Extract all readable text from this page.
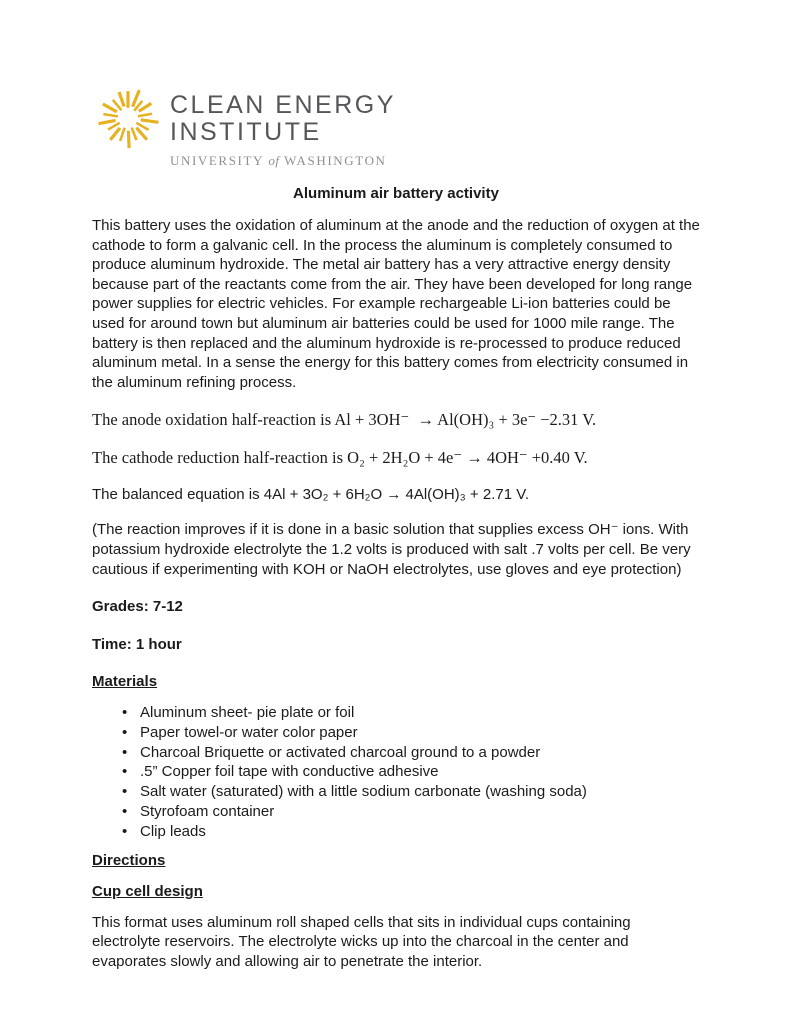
CLEAN ENERGY
INSTITUTE
UNIVERSITY of WASHINGTON
Aluminum air battery activity

This battery uses the oxidation of aluminum at the anode and the reduction of oxygen at the cathode to form a galvanic cell. In the process the aluminum is completely consumed to produce aluminum hydroxide. The metal air battery has a very attractive energy density because part of the reactants come from the air. They have been developed for long range power supplies for electric vehicles. For example rechargeable Li-ion batteries could be used for around town but aluminum air batteries could be used for 1000 mile range. The battery is then replaced and the aluminum hydroxide is re-processed to produce reduced aluminum metal. In a sense the energy for this battery comes from electricity consumed in the aluminum refining process.

The anode oxidation half-reaction is Al + 3OH⁻  → Al(OH)₃ + 3e⁻ −2.31 V.

The cathode reduction half-reaction is O₂ + 2H₂O + 4e⁻ → 4OH⁻ +0.40 V.

The balanced equation is 4Al + 3O₂ + 6H₂O → 4Al(OH)₃ + 2.71 V.

(The reaction improves if it is done in a basic solution that supplies excess OH⁻ ions. With potassium hydroxide electrolyte the 1.2 volts is produced with salt .7 volts per cell. Be very cautious if experimenting with KOH or NaOH electrolytes, use gloves and eye protection)

Grades: 7-12

Time: 1 hour

Materials
• Aluminum sheet- pie plate or foil
• Paper towel-or water color paper
• Charcoal Briquette or activated charcoal ground to a powder
• .5” Copper foil tape with conductive adhesive
• Salt water (saturated) with a little sodium carbonate (washing soda)
• Styrofoam container
• Clip leads
Directions
Cup cell design

This format uses aluminum roll shaped cells that sits in individual cups containing electrolyte reservoirs. The electrolyte wicks up into the charcoal in the center and evaporates slowly and allowing air to penetrate the interior.
